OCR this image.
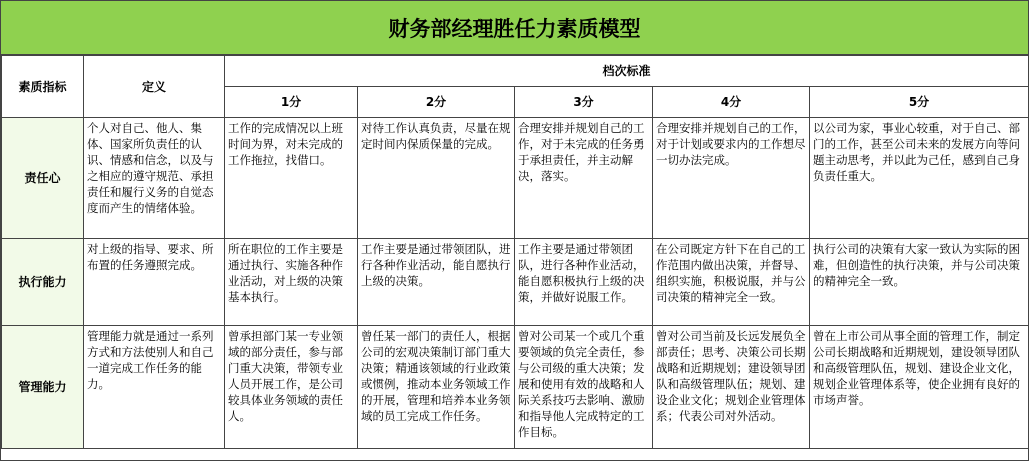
财务部经理胜任力素质模型
素质指标	定义	档次标准				
		1分	2分	3分	4分	5分
责任心	个人对自己、他人、集体、国家所负责任的认识、情感和信念，以及与之相应的遵守规范、承担责任和履行义务的自觉态度而产生的情绪体验。	工作的完成情况以上班时间为界，对未完成的工作拖拉，找借口。	对待工作认真负责，尽量在规定时间内保质保量的完成。	合理安排并规划自己的工作，对于未完成的任务勇于承担责任，并主动解决，落实。	合理安排并规划自己的工作，对于计划或要求内的工作想尽一切办法完成。	以公司为家，事业心较重，对于自己、部门的工作，甚至公司未来的发展方向等问题主动思考，并以此为己任，感到自己身负责任重大。
执行能力	对上级的指导、要求、所布置的任务遵照完成。	所在职位的工作主要是通过执行、实施各种作业活动，对上级的决策基本执行。	工作主要是通过带领团队，进行各种作业活动，能自愿执行上级的决策。	工作主要是通过带领团队，进行各种作业活动，能自愿积极执行上级的决策，并做好说服工作。	在公司既定方针下在自己的工作范围内做出决策，并督导、组织实施，积极说服，并与公司决策的精神完全一致。	执行公司的决策有大家一致认为实际的困难，但创造性的执行决策，并与公司决策的精神完全一致。
管理能力	管理能力就是通过一系列方式和方法使别人和自己一道完成工作任务的能力。	曾承担部门某一专业领域的部分责任，参与部门重大决策，带领专业人员开展工作，是公司较具体业务领域的责任人。	曾任某一部门的责任人，根据公司的宏观决策制订部门重大决策；精通该领域的行业政策或惯例，推动本业务领域工作的开展，管理和培养本业务领域的员工完成工作任务。	曾对公司某一个或几个重要领域的负完全责任，参与公司级的重大决策；发展和使用有效的战略和人际关系技巧去影响、激励和指导他人完成特定的工作目标。	曾对公司当前及长远发展负全部责任；思考、决策公司长期战略和近期规划；建设领导团队和高级管理队伍；规划、建设企业文化；规划企业管理体系；代表公司对外活动。	曾在上市公司从事全面的管理工作，制定公司长期战略和近期规划，建设领导团队和高级管理队伍，规划、建设企业文化，规划企业管理体系等，使企业拥有良好的市场声誉。
